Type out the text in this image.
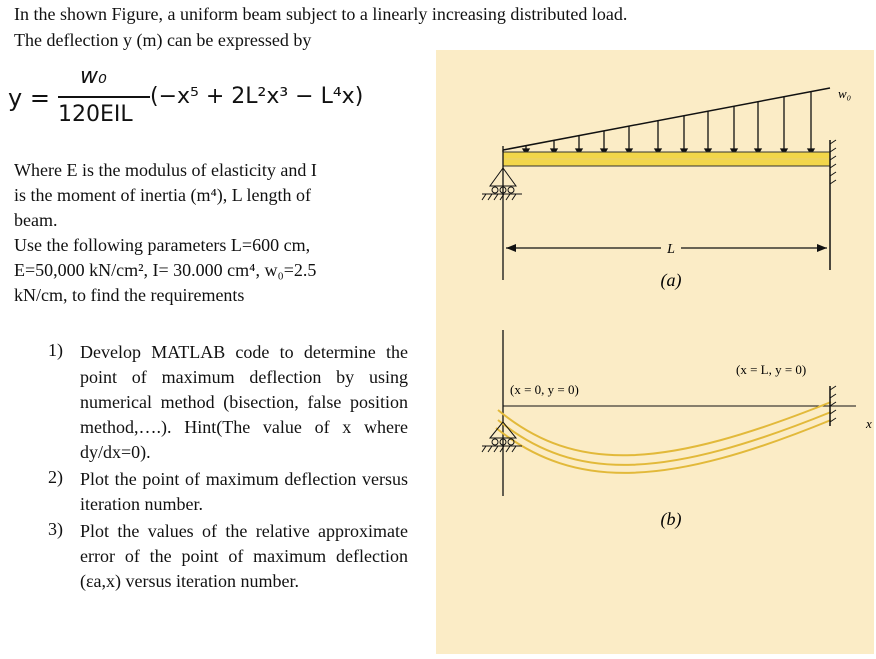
In the shown Figure, a uniform beam subject to a linearly increasing distributed load.
The deflection y (m) can be expressed by
y =
w₀
120EIL
(−x⁵ + 2L²x³ − L⁴x)
Where E is the modulus of elasticity and I
is the moment of inertia (m⁴), L length of
beam.
Use the following parameters L=600 cm,
E=50,000 kN/cm², I= 30.000 cm⁴, w₀=2.5
kN/cm, to find the requirements
1) Develop MATLAB code to determine the point of maximum deflection by using numerical method (bisection, false position method,….). Hint(The value of x where dy/dx=0).
2) Plot the point of maximum deflection versus iteration number.
3) Plot the values of the relative approximate error of the point of maximum deflection (εa,x) versus iteration number.
w₀
L
(a)
x
(x = 0, y = 0)
(x = L, y = 0)
(b)
